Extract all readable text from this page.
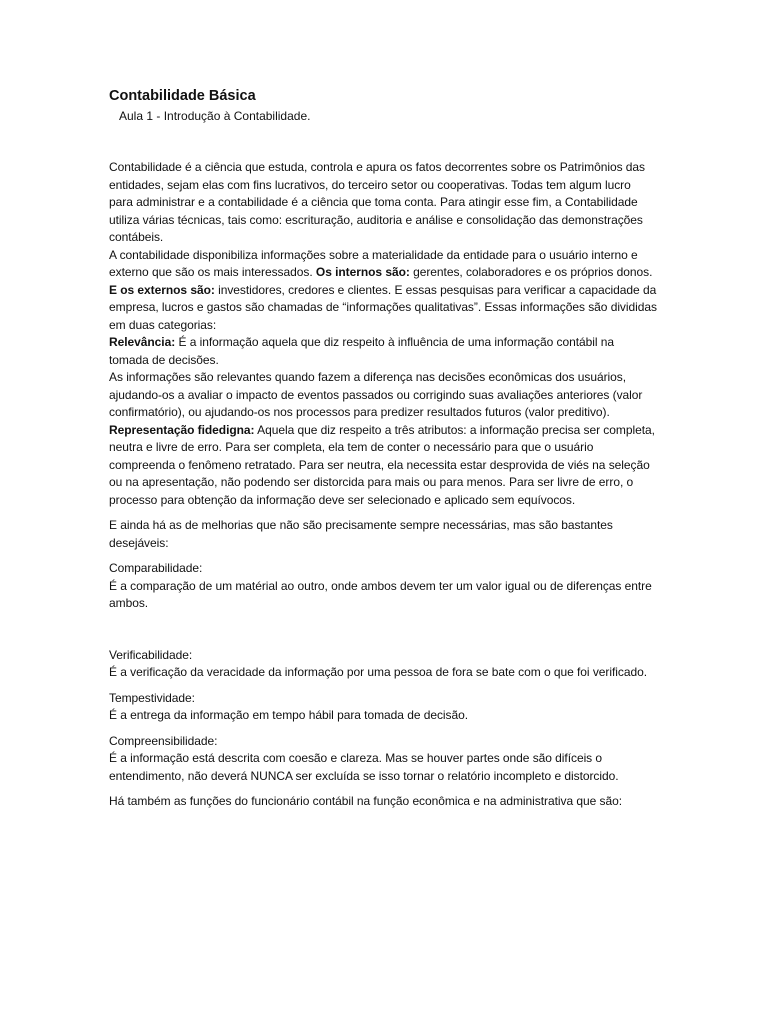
Contabilidade Básica
Aula 1 - Introdução à Contabilidade.

Contabilidade é a ciência que estuda, controla e apura os fatos decorrentes sobre os Patrimônios das entidades, sejam elas com fins lucrativos, do terceiro setor ou cooperativas. Todas tem algum lucro para administrar e a contabilidade é a ciência que toma conta. Para atingir esse fim, a Contabilidade utiliza várias técnicas, tais como: escrituração, auditoria e análise e consolidação das demonstrações contábeis.

A contabilidade disponibiliza informações sobre a materialidade da entidade para o usuário interno e externo que são os mais interessados. Os internos são: gerentes, colaboradores e os próprios donos. E os externos são: investidores, credores e clientes. E essas pesquisas para verificar a capacidade da empresa, lucros e gastos são chamadas de “informações qualitativas”. Essas informações são divididas em duas categorias:

Relevância: É a informação aquela que diz respeito à influência de uma informação contábil na tomada de decisões.

As informações são relevantes quando fazem a diferença nas decisões econômicas dos usuários, ajudando-os a avaliar o impacto de eventos passados ou corrigindo suas avaliações anteriores (valor confirmatório), ou ajudando-os nos processos para predizer resultados futuros (valor preditivo).

Representação fidedigna: Aquela que diz respeito a três atributos: a informação precisa ser completa, neutra e livre de erro. Para ser completa, ela tem de conter o necessário para que o usuário compreenda o fenômeno retratado. Para ser neutra, ela necessita estar desprovida de viés na seleção ou na apresentação, não podendo ser distorcida para mais ou para menos. Para ser livre de erro, o processo para obtenção da informação deve ser selecionado e aplicado sem equívocos.

E ainda há as de melhorias que não são precisamente sempre necessárias, mas são bastantes desejáveis:

Comparabilidade:

É a comparação de um matérial ao outro, onde ambos devem ter um valor igual ou de diferenças entre ambos.

Verificabilidade:

É a verificação da veracidade da informação por uma pessoa de fora se bate com o que foi verificado.

Tempestividade:

É a entrega da informação em tempo hábil para tomada de decisão.

Compreensibilidade:

É a informação está descrita com coesão e clareza. Mas se houver partes onde são difíceis o entendimento, não deverá NUNCA ser excluída se isso tornar o relatório incompleto e distorcido.

Há também as funções do funcionário contábil na função econômica e na administrativa que são:
